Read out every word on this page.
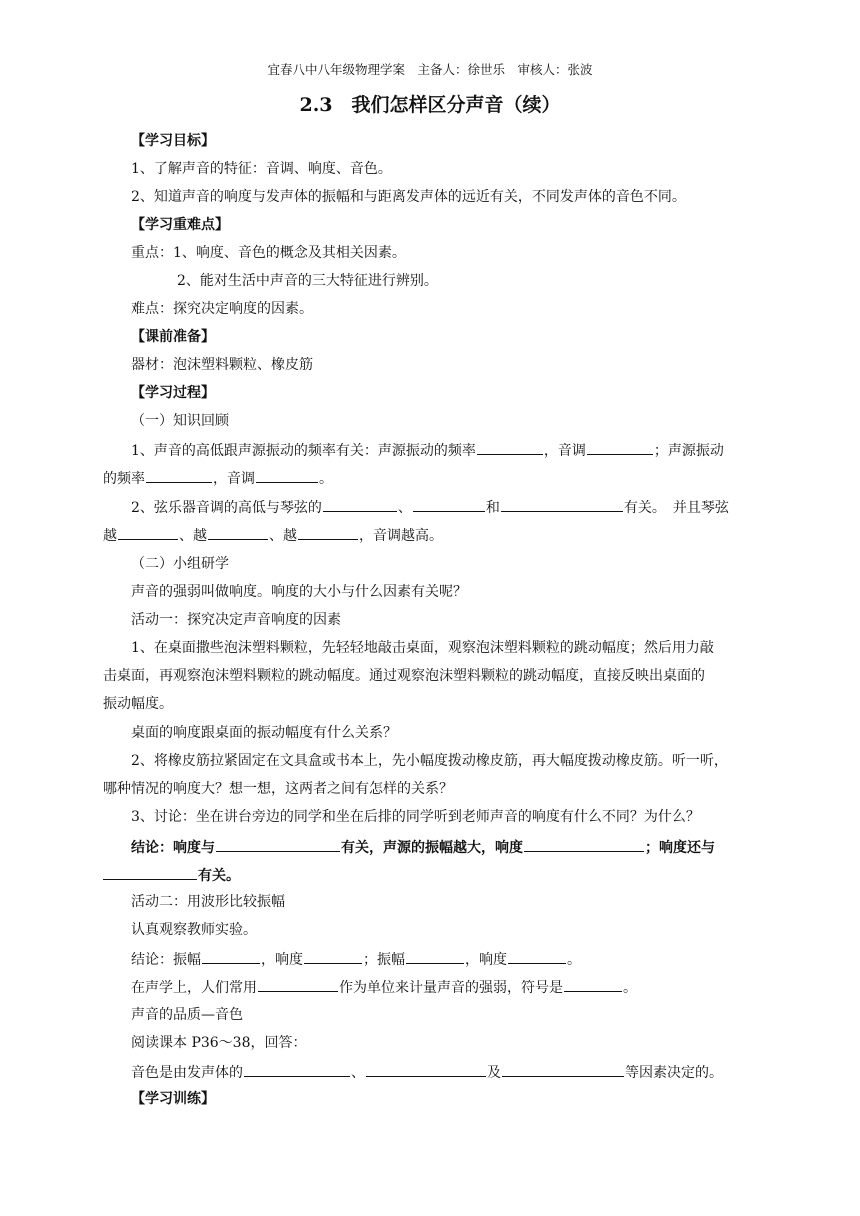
宜春八中八年级物理学案　主备人：徐世乐　审核人：张波
2.3　我们怎样区分声音（续）
【学习目标】
1、了解声音的特征：音调、响度、音色。
2、知道声音的响度与发声体的振幅和与距离发声体的远近有关，不同发声体的音色不同。
【学习重难点】
重点：1、响度、音色的概念及其相关因素。
2、能对生活中声音的三大特征进行辨别。
难点：探究决定响度的因素。
【课前准备】
器材：泡沫塑料颗粒、橡皮筋
【学习过程】
（一）知识回顾
1、声音的高低跟声源振动的频率有关：声源振动的频率	，音调	；声源振动
的频率	，音调	。
2、弦乐器音调的高低与琴弦的	、	和	有关。　并且琴弦
越	、越	、越	，音调越高。
（二）小组研学
声音的强弱叫做响度。响度的大小与什么因素有关呢？
活动一：探究决定声音响度的因素
1、在桌面撒些泡沫塑料颗粒，先轻轻地敲击桌面，观察泡沫塑料颗粒的跳动幅度；然后用力敲
击桌面，再观察泡沫塑料颗粒的跳动幅度。通过观察泡沫塑料颗粒的跳动幅度，直接反映出桌面的
振动幅度。
桌面的响度跟桌面的振动幅度有什么关系？
2、将橡皮筋拉紧固定在文具盒或书本上，先小幅度拨动橡皮筋，再大幅度拨动橡皮筋。听一听，
哪种情况的响度大？想一想，这两者之间有怎样的关系？
3、讨论：坐在讲台旁边的同学和坐在后排的同学听到老师声音的响度有什么不同？为什么？
结论：响度与	有关，声源的振幅越大，响度	；响度还与
有关。
活动二：用波形比较振幅
认真观察教师实验。
结论：振幅	，响度	；振幅	，响度	。
在声学上，人们常用	作为单位来计量声音的强弱，符号是	。
声音的品质—音色
阅读课本 P36～38，回答：
音色是由发声体的	、	及	等因素决定的。
【学习训练】
